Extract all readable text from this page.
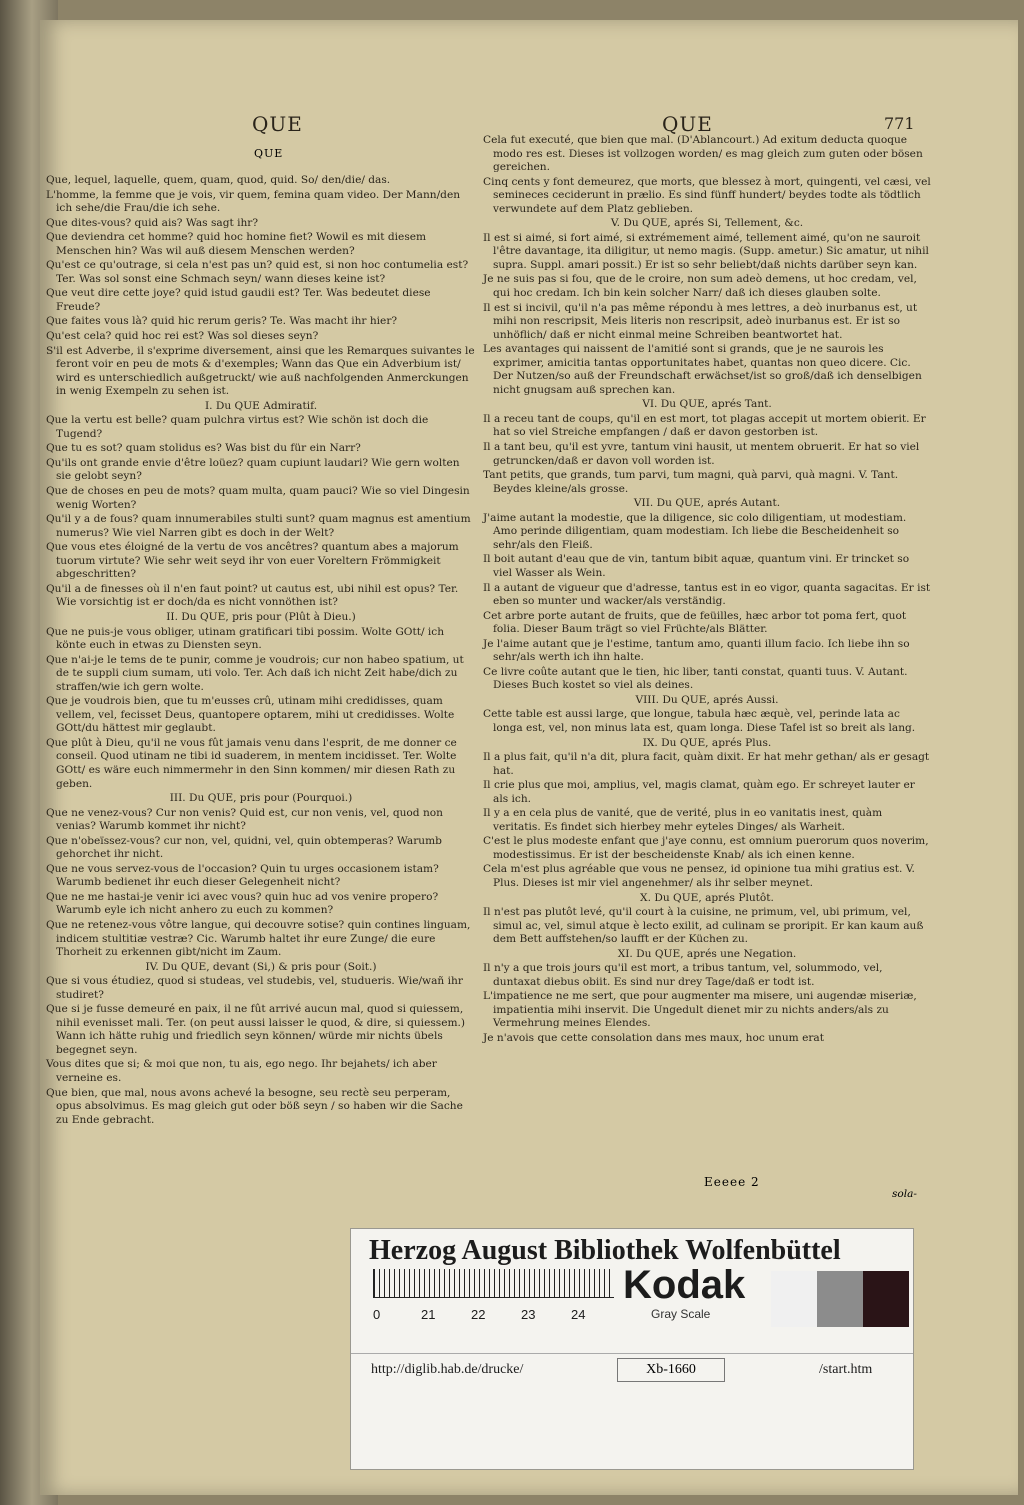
QUE
QUE
QUE	771
Que, lequel, laquelle, quem, quam, quod, quid. So/ den/die/ das.
L'homme, la femme que je vois, vir quem, femina quam video. Der Mann/den ich sehe/die Frau/die ich sehe.
Que dites-vous? quid ais? Was sagt ihr?
Que deviendra cet homme? quid hoc homine fiet? Wowil es mit diesem Menschen hin? Was wil auß diesem Menschen werden?
Qu'est ce qu'outrage, si cela n'est pas un? quid est, si non hoc contumelia est? Ter. Was sol sonst eine Schmach seyn/ wann dieses keine ist?
Que veut dire cette joye? quid istud gaudii est? Ter. Was bedeutet diese Freude?
Que faites vous là? quid hic rerum geris? Te. Was macht ihr hier?
Qu'est cela? quid hoc rei est? Was sol dieses seyn?
S'il est Adverbe, il s'exprime diversement, ainsi que les Remarques suivantes le feront voir en peu de mots & d'exemples; Wann das Que ein Adverbium ist/ wird es unterschiedlich außgetruckt/ wie auß nachfolgenden Anmerckungen in wenig Exempeln zu sehen ist.
I. Du QUE Admiratif.
Que la vertu est belle? quam pulchra virtus est? Wie schön ist doch die Tugend?
Que tu es sot? quam stolidus es? Was bist du für ein Narr?
Qu'ils ont grande envie d'être loüez? quam cupiunt laudari? Wie gern wolten sie gelobt seyn?
Que de choses en peu de mots? quam multa, quam pauci? Wie so viel Dingesin wenig Worten?
Qu'il y a de fous? quam innumerabiles stulti sunt? quam magnus est amentium numerus? Wie viel Narren gibt es doch in der Welt?
Que vous etes éloigné de la vertu de vos ancêtres? quantum abes a majorum tuorum virtute? Wie sehr weit seyd ihr von euer Voreltern Frömmigkeit abgeschritten?
Qu'il a de finesses où il n'en faut point? ut cautus est, ubi nihil est opus? Ter. Wie vorsichtig ist er doch/da es nicht vonnöthen ist?
II. Du QUE, pris pour (Plût à Dieu.)
Que ne puis-je vous obliger, utinam gratificari tibi possim. Wolte GOtt/ ich könte euch in etwas zu Diensten seyn.
Que n'ai-je le tems de te punir, comme je voudrois; cur non habeo spatium, ut de te suppli cium sumam, uti volo. Ter. Ach daß ich nicht Zeit habe/dich zu straffen/wie ich gern wolte.
Que je voudrois bien, que tu m'eusses crû, utinam mihi credidisses, quam vellem, vel, fecisset Deus, quantopere optarem, mihi ut credidisses. Wolte GOtt/du hättest mir geglaubt.
Que plût à Dieu, qu'il ne vous fût jamais venu dans l'esprit, de me donner ce conseil. Quod utinam ne tibi id suaderem, in mentem incidisset. Ter. Wolte GOtt/ es wäre euch nimmermehr in den Sinn kommen/ mir diesen Rath zu geben.
III. Du QUE, pris pour (Pourquoi.)
Que ne venez-vous? Cur non venis? Quid est, cur non venis, vel, quod non venias? Warumb kommet ihr nicht?
Que n'obeïssez-vous? cur non, vel, quidni, vel, quin obtemperas? Warumb gehorchet ihr nicht.
Que ne vous servez-vous de l'occasion? Quin tu urges occasionem istam? Warumb bedienet ihr euch dieser Gelegenheit nicht?
Que ne me hastai-je venir ici avec vous? quin huc ad vos venire propero? Warumb eyle ich nicht anhero zu euch zu kommen?
Que ne retenez-vous vôtre langue, qui decouvre sotise? quin contines linguam, indicem stultitiæ vestræ? Cic. Warumb haltet ihr eure Zunge/ die eure Thorheit zu erkennen gibt/nicht im Zaum.
IV. Du QUE, devant (Si,) & pris pour (Soit.)
Que si vous étudiez, quod si studeas, vel studebis, vel, studueris. Wie/wañ ihr studiret?
Que si je fusse demeuré en paix, il ne fût arrivé aucun mal, quod si quiessem, nihil evenisset mali. Ter. (on peut aussi laisser le quod, & dire, si quiessem.) Wann ich hätte ruhig und friedlich seyn können/ würde mir nichts übels begegnet seyn.
Vous dites que si; & moi que non, tu ais, ego nego. Ihr bejahets/ ich aber verneine es.
Que bien, que mal, nous avons achevé la besogne, seu rectè seu perperam, opus absolvimus. Es mag gleich gut oder böß seyn / so haben wir die Sache zu Ende gebracht.
Cela fut executé, que bien que mal. (D'Ablancourt.) Ad exitum deducta quoque modo res est. Dieses ist vollzogen worden/ es mag gleich zum guten oder bösen gereichen.
Cinq cents y font demeurez, que morts, que blessez à mort, quingenti, vel cæsi, vel semineces ceciderunt in prælio. Es sind fünff hundert/ beydes todte als tödtlich verwundete auf dem Platz geblieben.
V. Du QUE, aprés Si, Tellement, &c.
Il est si aimé, si fort aimé, si extrémement aimé, tellement aimé, qu'on ne sauroit l'être davantage, ita diligitur, ut nemo magis. (Supp. ametur.) Sic amatur, ut nihil supra. Suppl. amari possit.) Er ist so sehr beliebt/daß nichts darüber seyn kan.
Je ne suis pas si fou, que de le croire, non sum adeò demens, ut hoc credam, vel, qui hoc credam. Ich bin kein solcher Narr/ daß ich dieses glauben solte.
Il est si incivil, qu'il n'a pas même répondu à mes lettres, a deò inurbanus est, ut mihi non rescripsit, Meis literis non rescripsit, adeò inurbanus est. Er ist so unhöflich/ daß er nicht einmal meine Schreiben beantwortet hat.
Les avantages qui naissent de l'amitié sont si grands, que je ne saurois les exprimer, amicitia tantas opportunitates habet, quantas non queo dicere. Cic. Der Nutzen/so auß der Freundschaft erwächset/ist so groß/daß ich denselbigen nicht gnugsam auß sprechen kan.
VI. Du QUE, aprés Tant.
Il a receu tant de coups, qu'il en est mort, tot plagas accepit ut mortem obierit. Er hat so viel Streiche empfangen / daß er davon gestorben ist.
Il a tant beu, qu'il est yvre, tantum vini hausit, ut mentem obruerit. Er hat so viel getruncken/daß er davon voll worden ist.
Tant petits, que grands, tum parvi, tum magni, quà parvi, quà magni. V. Tant. Beydes kleine/als grosse.
VII. Du QUE, aprés Autant.
J'aime autant la modestie, que la diligence, sic colo diligentiam, ut modestiam. Amo perinde diligentiam, quam modestiam. Ich liebe die Bescheidenheit so sehr/als den Fleiß.
Il boit autant d'eau que de vin, tantum bibit aquæ, quantum vini. Er trincket so viel Wasser als Wein.
Il a autant de vigueur que d'adresse, tantus est in eo vigor, quanta sagacitas. Er ist eben so munter und wacker/als verständig.
Cet arbre porte autant de fruits, que de feüilles, hæc arbor tot poma fert, quot folia. Dieser Baum trägt so viel Früchte/als Blätter.
Je l'aime autant que je l'estime, tantum amo, quanti illum facio. Ich liebe ihn so sehr/als werth ich ihn halte.
Ce livre coûte autant que le tien, hic liber, tanti constat, quanti tuus. V. Autant. Dieses Buch kostet so viel als deines.
VIII. Du QUE, aprés Aussi.
Cette table est aussi large, que longue, tabula hæc æquè, vel, perinde lata ac longa est, vel, non minus lata est, quam longa. Diese Tafel ist so breit als lang.
IX. Du QUE, aprés Plus.
Il a plus fait, qu'il n'a dit, plura facit, quàm dixit. Er hat mehr gethan/ als er gesagt hat.
Il crie plus que moi, amplius, vel, magis clamat, quàm ego. Er schreyet lauter er als ich.
Il y a en cela plus de vanité, que de verité, plus in eo vanitatis inest, quàm veritatis. Es findet sich hierbey mehr eyteles Dinges/ als Warheit.
C'est le plus modeste enfant que j'aye connu, est omnium puerorum quos noverim, modestissimus. Er ist der bescheidenste Knab/ als ich einen kenne.
Cela m'est plus agréable que vous ne pensez, id opinione tua mihi gratius est. V. Plus. Dieses ist mir viel angenehmer/ als ihr selber meynet.
X. Du QUE, aprés Plutôt.
Il n'est pas plutôt levé, qu'il court à la cuisine, ne primum, vel, ubi primum, vel, simul ac, vel, simul atque è lecto exilit, ad culinam se proripit. Er kan kaum auß dem Bett auffstehen/so laufft er der Küchen zu.
XI. Du QUE, aprés une Negation.
Il n'y a que trois jours qu'il est mort, a tribus tantum, vel, solummodo, vel, duntaxat diebus obiit. Es sind nur drey Tage/daß er todt ist.
L'impatience ne me sert, que pour augmenter ma misere, uni augendæ miseriæ, impatientia mihi inservit. Die Ungedult dienet mir zu nichts anders/als zu Vermehrung meines Elendes.
Je n'avois que cette consolation dans mes maux, hoc unum erat
Eeeee 2
sola-
Herzog August Bibliothek Wolfenbüttel
0	21	22	23	24
Kodak
Gray Scale
http://diglib.hab.de/drucke/	Xb-1660	/start.htm
